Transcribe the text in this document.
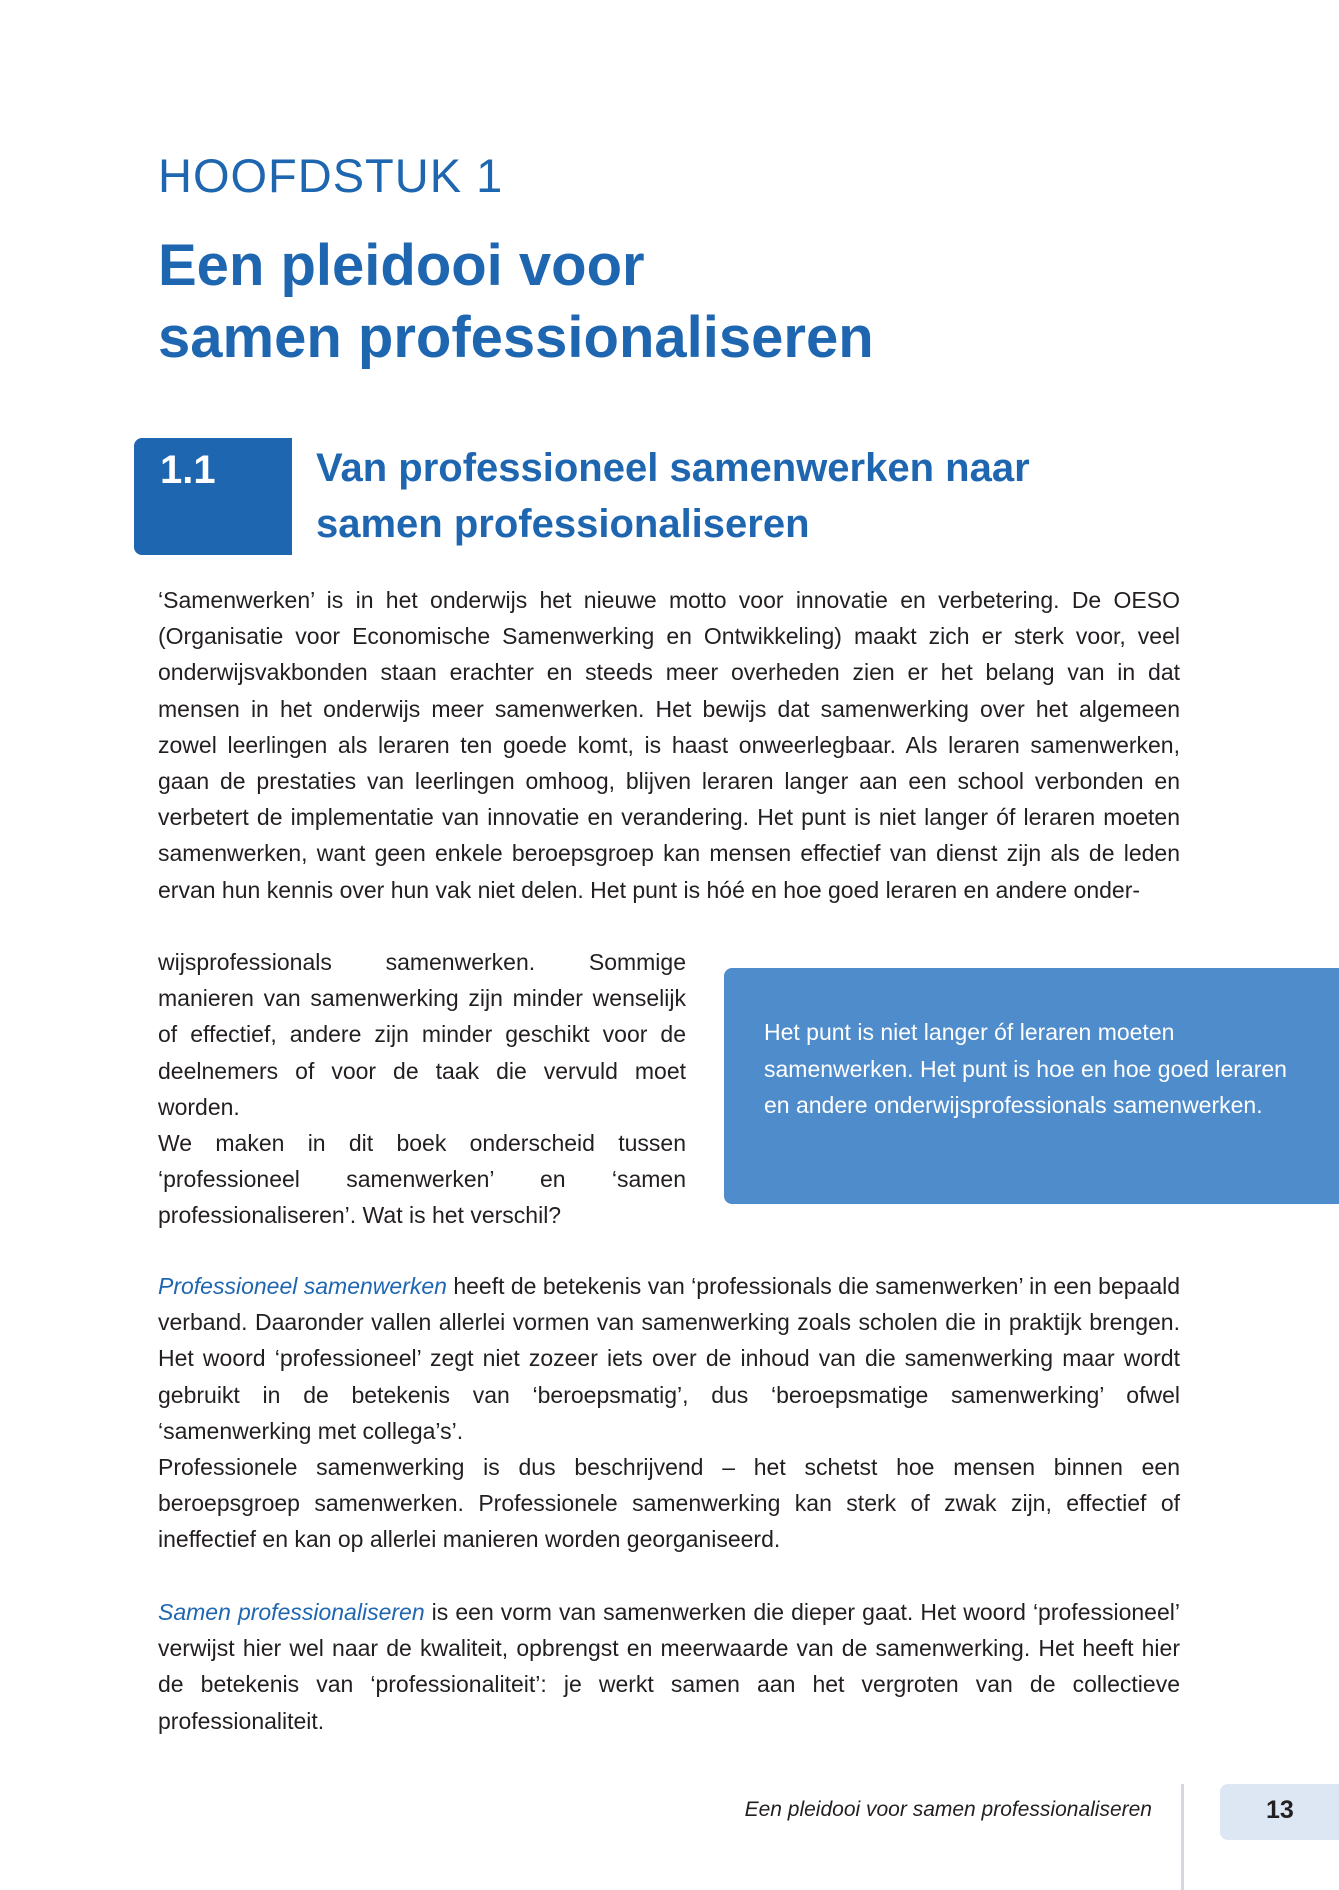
HOOFDSTUK 1
Een pleidooi voor
samen professionaliseren
1.1	Van professioneel samenwerken naar
samen professionaliseren

‘Samenwerken’ is in het onderwijs het nieuwe motto voor innovatie en verbetering. De OESO (Organisatie voor Economische Samenwerking en Ontwikkeling) maakt zich er sterk voor, veel onderwijsvakbonden staan erachter en steeds meer overheden zien er het belang van in dat mensen in het onderwijs meer samenwerken. Het bewijs dat samenwerking over het algemeen zowel leerlingen als leraren ten goede komt, is haast onweerlegbaar. Als leraren samenwerken, gaan de prestaties van leerlingen omhoog, blijven leraren langer aan een school verbonden en verbetert de implementatie van innovatie en verandering. Het punt is niet langer óf leraren moeten samenwerken, want geen enkele beroepsgroep kan mensen effectief van dienst zijn als de leden ervan hun kennis over hun vak niet delen. Het punt is hóé en hoe goed leraren en andere onder-

wijsprofessionals samenwerken. Sommige manieren van samenwerking zijn minder wenselijk of effectief, andere zijn minder geschikt voor de deelnemers of voor de taak die vervuld moet worden.

We maken in dit boek onderscheid tussen ‘professioneel samenwerken’ en ‘samen professionaliseren’. Wat is het verschil?

Het punt is niet langer óf leraren moeten samenwerken. Het punt is hoe en hoe goed leraren en andere onderwijsprofessionals samenwerken.

Professioneel samenwerken heeft de betekenis van ‘professionals die samenwerken’ in een bepaald verband. Daaronder vallen allerlei vormen van samenwerking zoals scholen die in praktijk brengen. Het woord ‘professioneel’ zegt niet zozeer iets over de inhoud van die samenwerking maar wordt gebruikt in de betekenis van ‘beroepsmatig’, dus ‘beroepsmatige samenwerking’ ofwel ‘samenwerking met collega’s’.

Professionele samenwerking is dus beschrijvend – het schetst hoe mensen binnen een beroepsgroep samenwerken. Professionele samenwerking kan sterk of zwak zijn, effectief of ineffectief en kan op allerlei manieren worden georganiseerd.

Samen professionaliseren is een vorm van samenwerken die dieper gaat. Het woord ‘professioneel’ verwijst hier wel naar de kwaliteit, opbrengst en meerwaarde van de samenwerking. Het heeft hier de betekenis van ‘professionaliteit’: je werkt samen aan het vergroten van de collectieve professionaliteit.

Een pleidooi voor samen professionaliseren	13
